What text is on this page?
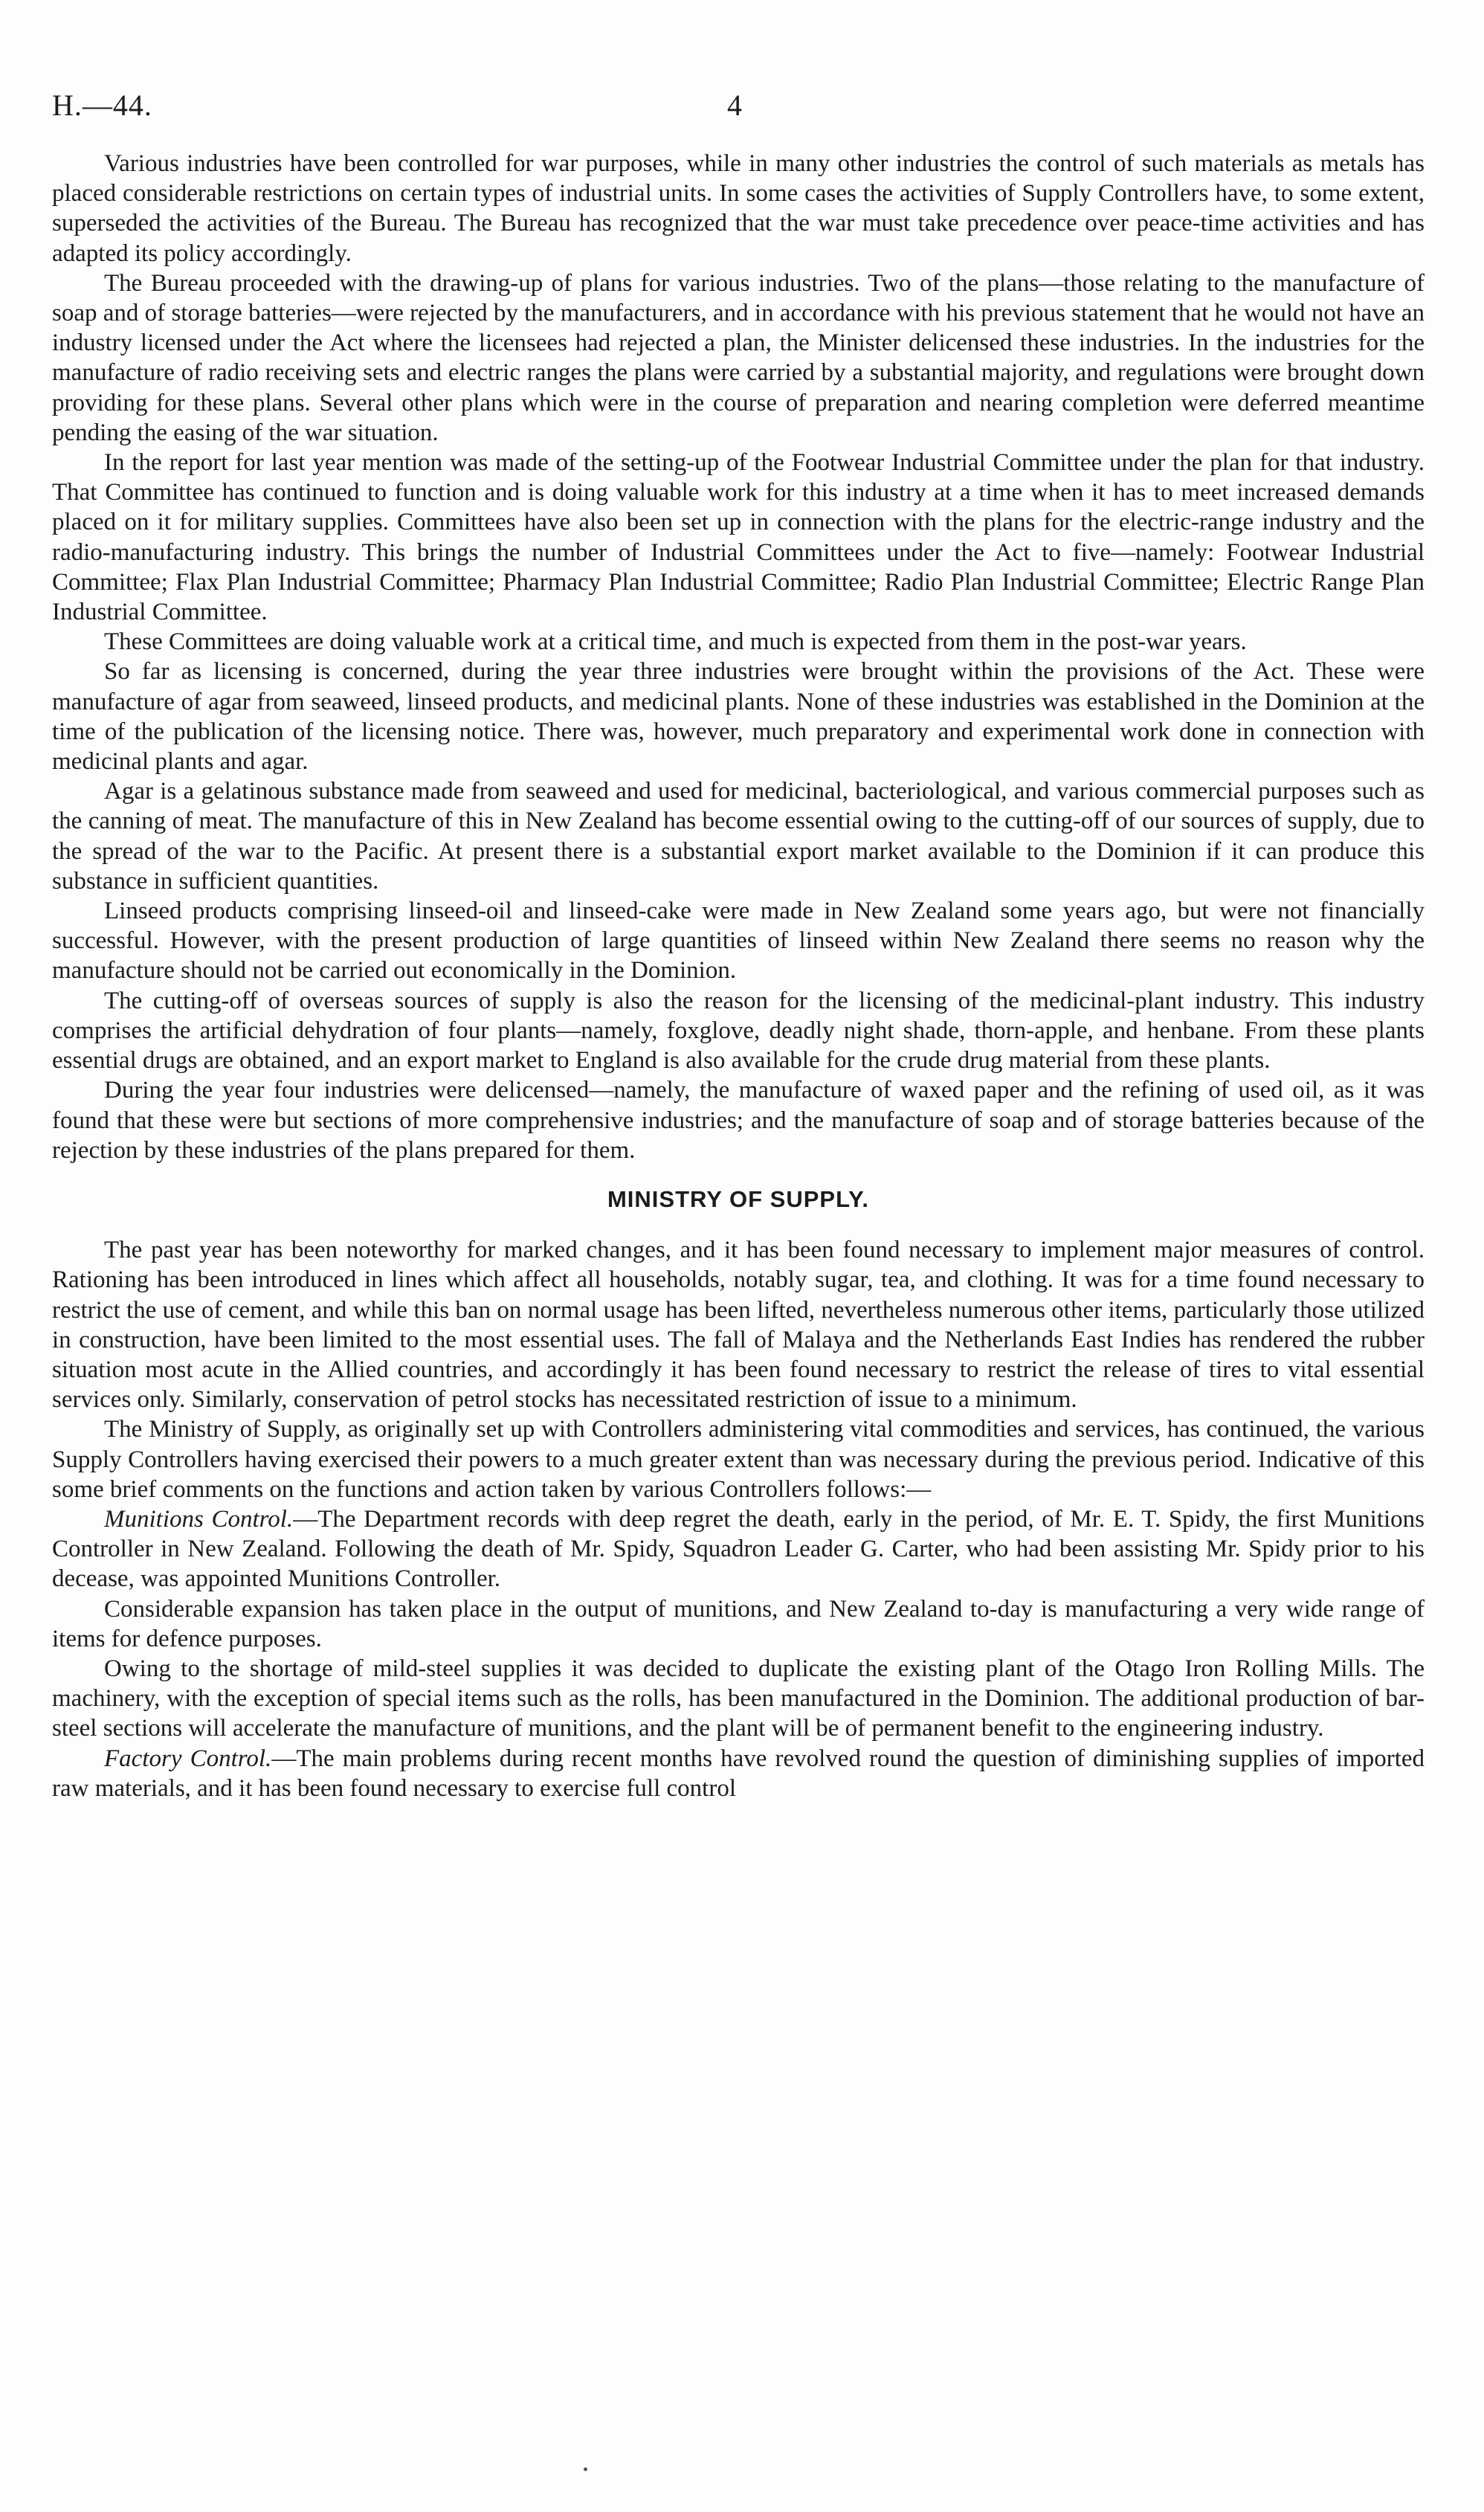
H.—44.	4

Various industries have been controlled for war purposes, while in many other industries the control of such materials as metals has placed considerable restrictions on certain types of industrial units. In some cases the activities of Supply Controllers have, to some extent, superseded the activities of the Bureau. The Bureau has recognized that the war must take precedence over peace-time activities and has adapted its policy accordingly.

The Bureau proceeded with the drawing-up of plans for various industries. Two of the plans—those relating to the manufacture of soap and of storage batteries—were rejected by the manufacturers, and in accordance with his previous statement that he would not have an industry licensed under the Act where the licensees had rejected a plan, the Minister delicensed these industries. In the industries for the manufacture of radio receiving sets and electric ranges the plans were carried by a substantial majority, and regulations were brought down providing for these plans. Several other plans which were in the course of preparation and nearing completion were deferred meantime pending the easing of the war situation.

In the report for last year mention was made of the setting-up of the Footwear Industrial Committee under the plan for that industry. That Committee has continued to function and is doing valuable work for this industry at a time when it has to meet increased demands placed on it for military supplies. Committees have also been set up in connection with the plans for the electric-range industry and the radio-manufacturing industry. This brings the number of Industrial Committees under the Act to five—namely: Footwear Industrial Committee; Flax Plan Industrial Committee; Pharmacy Plan Industrial Committee; Radio Plan Industrial Committee; Electric Range Plan Industrial Committee.

These Committees are doing valuable work at a critical time, and much is expected from them in the post-war years.

So far as licensing is concerned, during the year three industries were brought within the provisions of the Act. These were manufacture of agar from seaweed, linseed products, and medicinal plants. None of these industries was established in the Dominion at the time of the publication of the licensing notice. There was, however, much preparatory and experimental work done in connection with medicinal plants and agar.

Agar is a gelatinous substance made from seaweed and used for medicinal, bacteriological, and various commercial purposes such as the canning of meat. The manufacture of this in New Zealand has become essential owing to the cutting-off of our sources of supply, due to the spread of the war to the Pacific. At present there is a substantial export market available to the Dominion if it can produce this substance in sufficient quantities.

Linseed products comprising linseed-oil and linseed-cake were made in New Zealand some years ago, but were not financially successful. However, with the present production of large quantities of linseed within New Zealand there seems no reason why the manufacture should not be carried out economically in the Dominion.

The cutting-off of overseas sources of supply is also the reason for the licensing of the medicinal-plant industry. This industry comprises the artificial dehydration of four plants—namely, foxglove, deadly night shade, thorn-apple, and henbane. From these plants essential drugs are obtained, and an export market to England is also available for the crude drug material from these plants.

During the year four industries were delicensed—namely, the manufacture of waxed paper and the refining of used oil, as it was found that these were but sections of more comprehensive industries; and the manufacture of soap and of storage batteries because of the rejection by these industries of the plans prepared for them.

MINISTRY OF SUPPLY.

The past year has been noteworthy for marked changes, and it has been found necessary to implement major measures of control. Rationing has been introduced in lines which affect all households, notably sugar, tea, and clothing. It was for a time found necessary to restrict the use of cement, and while this ban on normal usage has been lifted, nevertheless numerous other items, particularly those utilized in construction, have been limited to the most essential uses. The fall of Malaya and the Netherlands East Indies has rendered the rubber situation most acute in the Allied countries, and accordingly it has been found necessary to restrict the release of tires to vital essential services only. Similarly, conservation of petrol stocks has necessitated restriction of issue to a minimum.

The Ministry of Supply, as originally set up with Controllers administering vital commodities and services, has continued, the various Supply Controllers having exercised their powers to a much greater extent than was necessary during the previous period. Indicative of this some brief comments on the functions and action taken by various Controllers follows:—

Munitions Control.—The Department records with deep regret the death, early in the period, of Mr. E. T. Spidy, the first Munitions Controller in New Zealand. Following the death of Mr. Spidy, Squadron Leader G. Carter, who had been assisting Mr. Spidy prior to his decease, was appointed Munitions Controller.

Considerable expansion has taken place in the output of munitions, and New Zealand to-day is manufacturing a very wide range of items for defence purposes.

Owing to the shortage of mild-steel supplies it was decided to duplicate the existing plant of the Otago Iron Rolling Mills. The machinery, with the exception of special items such as the rolls, has been manufactured in the Dominion. The additional production of bar-steel sections will accelerate the manufacture of munitions, and the plant will be of permanent benefit to the engineering industry.

Factory Control.—The main problems during recent months have revolved round the question of diminishing supplies of imported raw materials, and it has been found necessary to exercise full control
